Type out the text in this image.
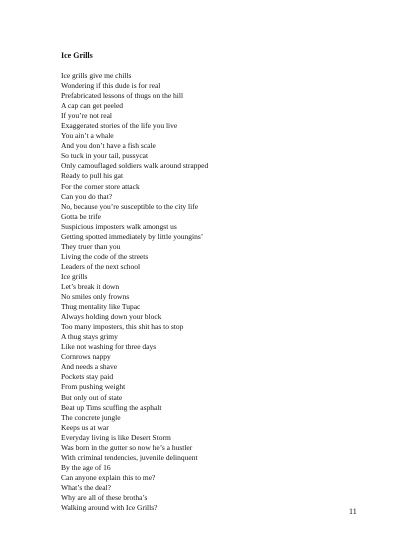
Ice Grills
Ice grills give me chills
Wondering if this dude is for real
Prefabricated lessons of thugs on the hill
A cap can get peeled
If you’re not real
Exaggerated stories of the life you live
You ain’t a whale
And you don’t have a fish scale
So tuck in your tail, pussycat
Only camouflaged soldiers walk around strapped
Ready to pull his gat
For the corner store attack
Can you do that?
No, because you’re susceptible to the city life
Gotta be trife
Suspicious imposters walk amongst us
Getting spotted immediately by little youngins’
They truer than you
Living the code of the streets
Leaders of the next school
Ice grills
Let’s break it down
No smiles only frowns
Thug mentality like Tupac
Always holding down your block
Too many imposters, this shit has to stop
A thug stays grimy
Like not washing for three days
Cornrows nappy
And needs a shave
Pockets stay paid
From pushing weight
But only out of state
Beat up Tims scuffing the asphalt
The concrete jungle
Keeps us at war
Everyday living is like Desert Storm
Was born in the gutter so now he’s a hustler
With criminal tendencies, juvenile delinquent
By the age of 16
Can anyone explain this to me?
What’s the deal?
Why are all of these brotha’s
Walking around with Ice Grills?	11
